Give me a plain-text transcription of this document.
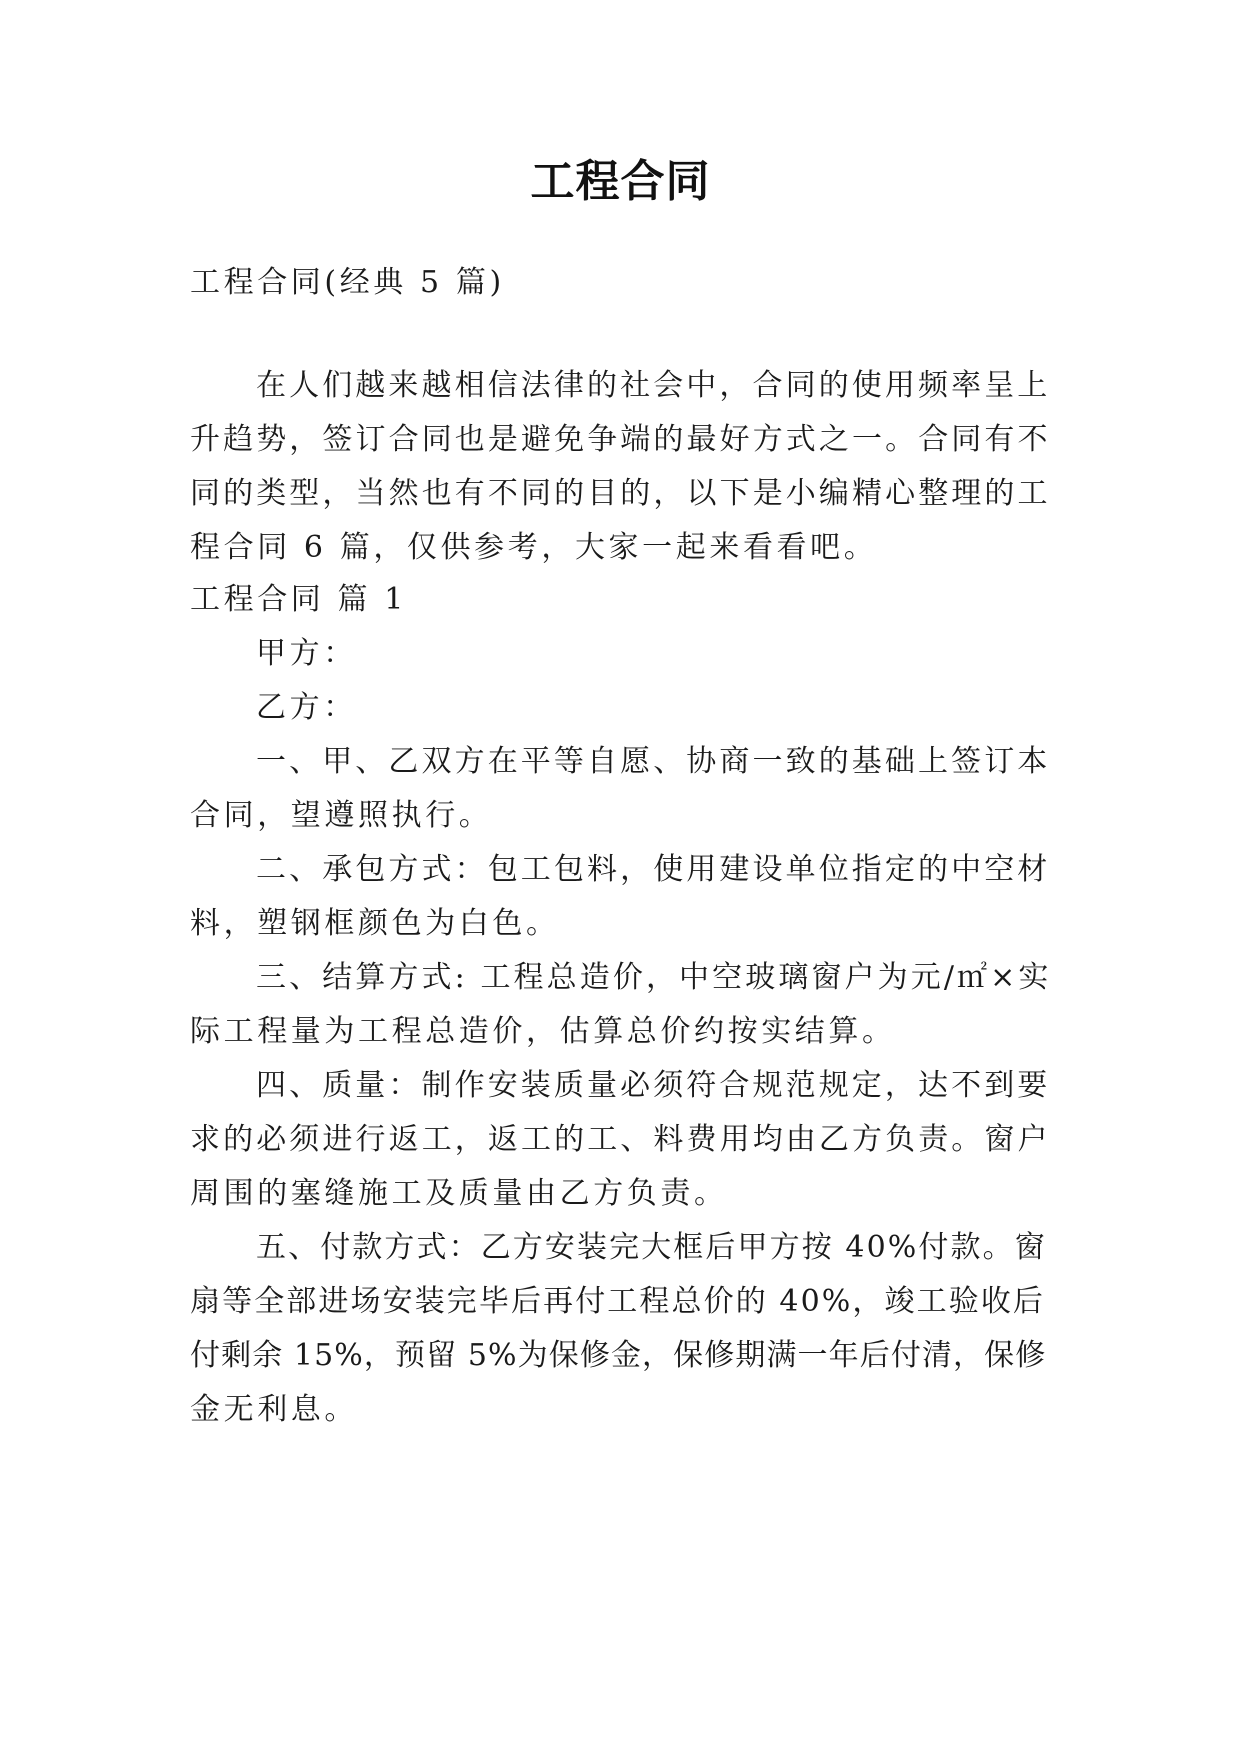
工程合同
工程合同(经典 5 篇)
在人们越来越相信法律的社会中，合同的使用频率呈上
升趋势，签订合同也是避免争端的最好方式之一。合同有不
同的类型，当然也有不同的目的，以下是小编精心整理的工
程合同 6 篇，仅供参考，大家一起来看看吧。
工程合同 篇 1
甲方：
乙方：
一、甲、乙双方在平等自愿、协商一致的基础上签订本
合同，望遵照执行。
二、承包方式：包工包料，使用建设单位指定的中空材
料，塑钢框颜色为白色。
三、结算方式: 工程总造价，中空玻璃窗户为元/㎡×实
际工程量为工程总造价，估算总价约按实结算。
四、质量：制作安装质量必须符合规范规定，达不到要
求的必须进行返工，返工的工、料费用均由乙方负责。窗户
周围的塞缝施工及质量由乙方负责。
五、付款方式：乙方安装完大框后甲方按 40%付款。窗
扇等全部进场安装完毕后再付工程总价的 40%，竣工验收后
付剩余 15%，预留 5%为保修金，保修期满一年后付清，保修
金无利息。
